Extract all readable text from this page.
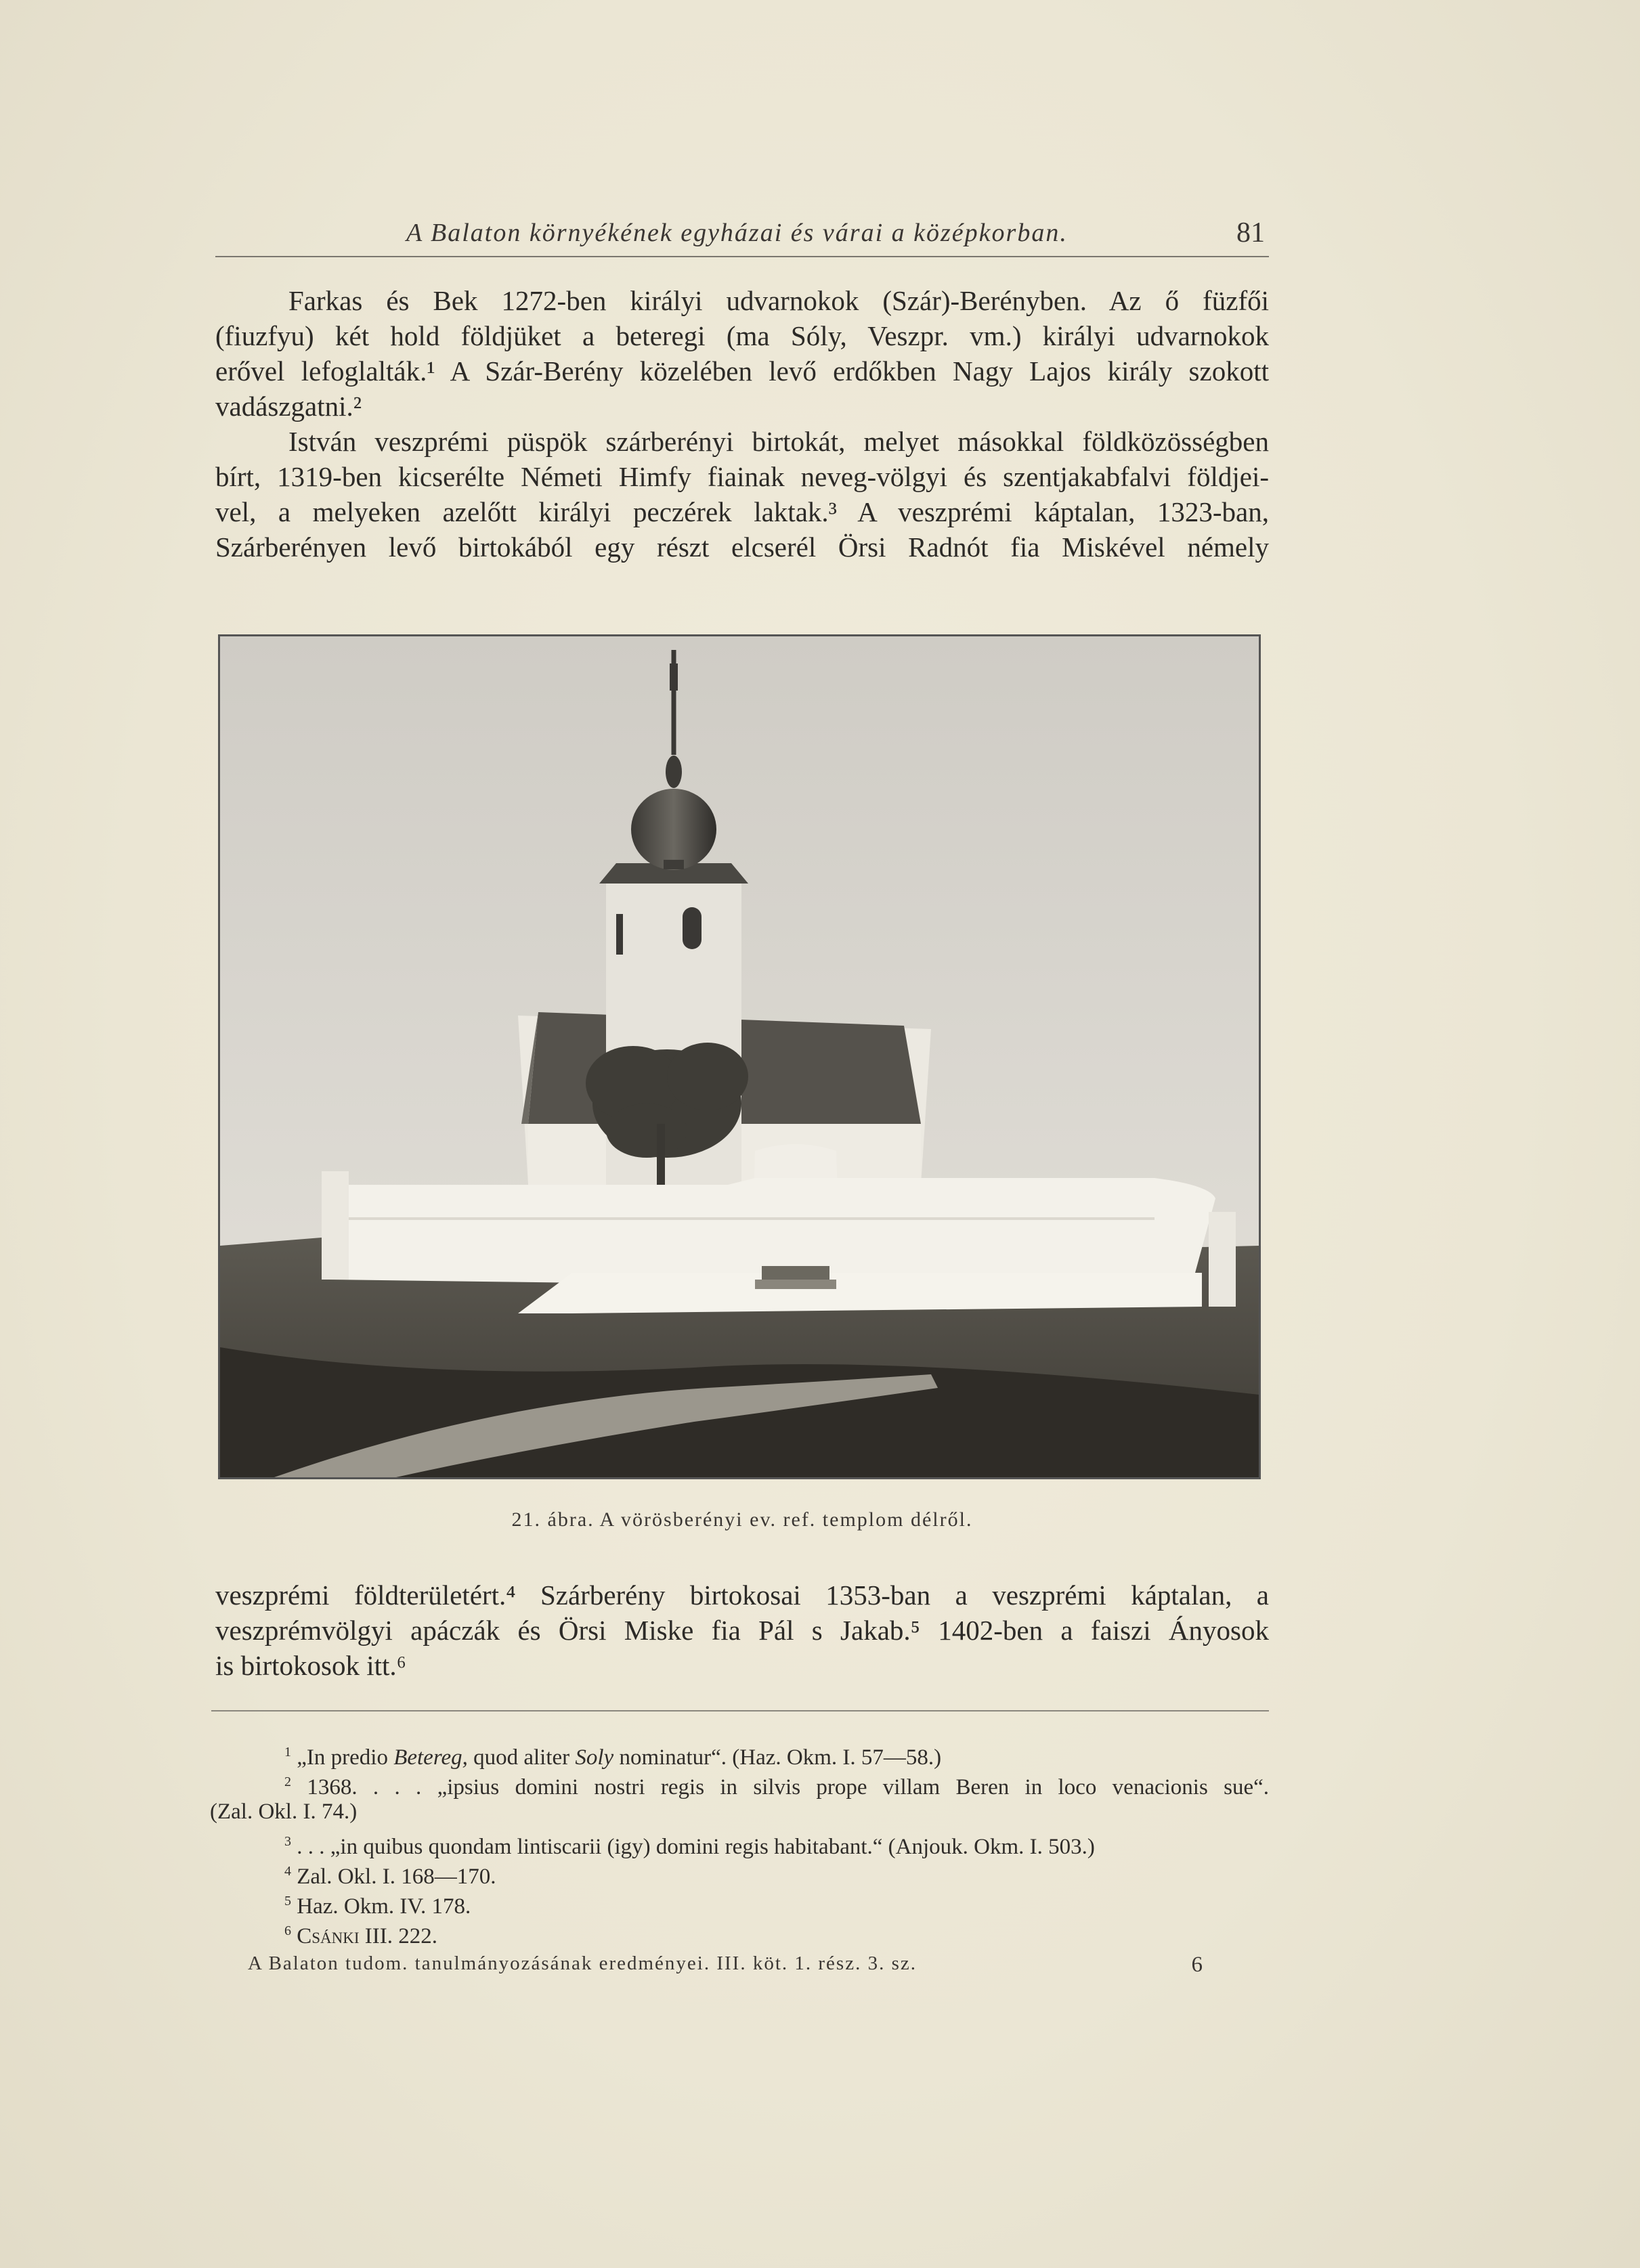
A Balaton környékének egyházai és várai a középkorban.	81
Farkas és Bek 1272-ben királyi udvarnokok (Szár)-Berényben. Az ő füzfői
(fiuzfyu) két hold földjüket a beteregi (ma Sóly, Veszpr. vm.) királyi udvarnokok
erővel lefoglalták.¹ A Szár-Berény közelében levő erdőkben Nagy Lajos király szokott
vadászgatni.²
István veszprémi püspök szárberényi birtokát, melyet másokkal földközösségben
bírt, 1319-ben kicserélte Németi Himfy fiainak neveg-völgyi és szentjakabfalvi földjei-
vel, a melyeken azelőtt királyi peczérek laktak.³ A veszprémi káptalan, 1323-ban,
Szárberényen levő birtokából egy részt elcserél Örsi Radnót fia Miskével némely
21. ábra. A vörösberényi ev. ref. templom délről.
veszprémi földterületért.⁴ Szárberény birtokosai 1353-ban a veszprémi káptalan, a
veszprémvölgyi apáczák és Örsi Miske fia Pál s Jakab.⁵ 1402-ben a faiszi Ányosok
is birtokosok itt.⁶
$^1$ „In predio Betereg, quod aliter Soly nominatur“. (Haz. Okm. I. 57—58.)
$^2$ 1368. . . . „ipsius domini nostri regis in silvis prope villam Beren in loco venacionis sue“.
(Zal. Okl. I. 74.)
$^3$ . . . „in quibus quondam lintiscarii (igy) domini regis habitabant.“ (Anjouk. Okm. I. 503.)
$^4$ Zal. Okl. I. 168—170.
$^5$ Haz. Okm. IV. 178.
$^6$ Csánki III. 222.
A Balaton tudom. tanulmányozásának eredményei. III. köt. 1. rész. 3. sz.	6
